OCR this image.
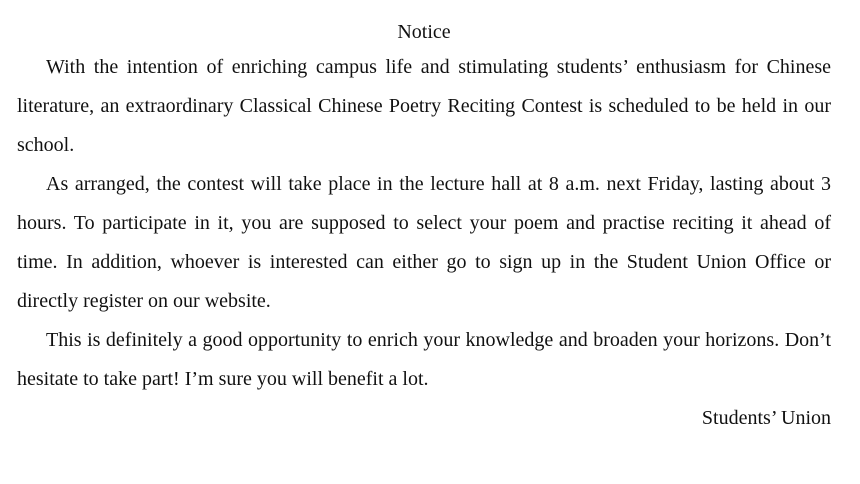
Notice

With the intention of enriching campus life and stimulating students’ enthusiasm for Chinese literature, an extraordinary Classical Chinese Poetry Reciting Contest is scheduled to be held in our school.

As arranged, the contest will take place in the lecture hall at 8 a.m. next Friday, lasting about 3 hours. To participate in it, you are supposed to select your poem and practise reciting it ahead of time. In addition, whoever is interested can either go to sign up in the Student Union Office or directly register on our website.

This is definitely a good opportunity to enrich your knowledge and broaden your horizons. Don’t hesitate to take part! I’m sure you will benefit a lot.

Students’ Union
